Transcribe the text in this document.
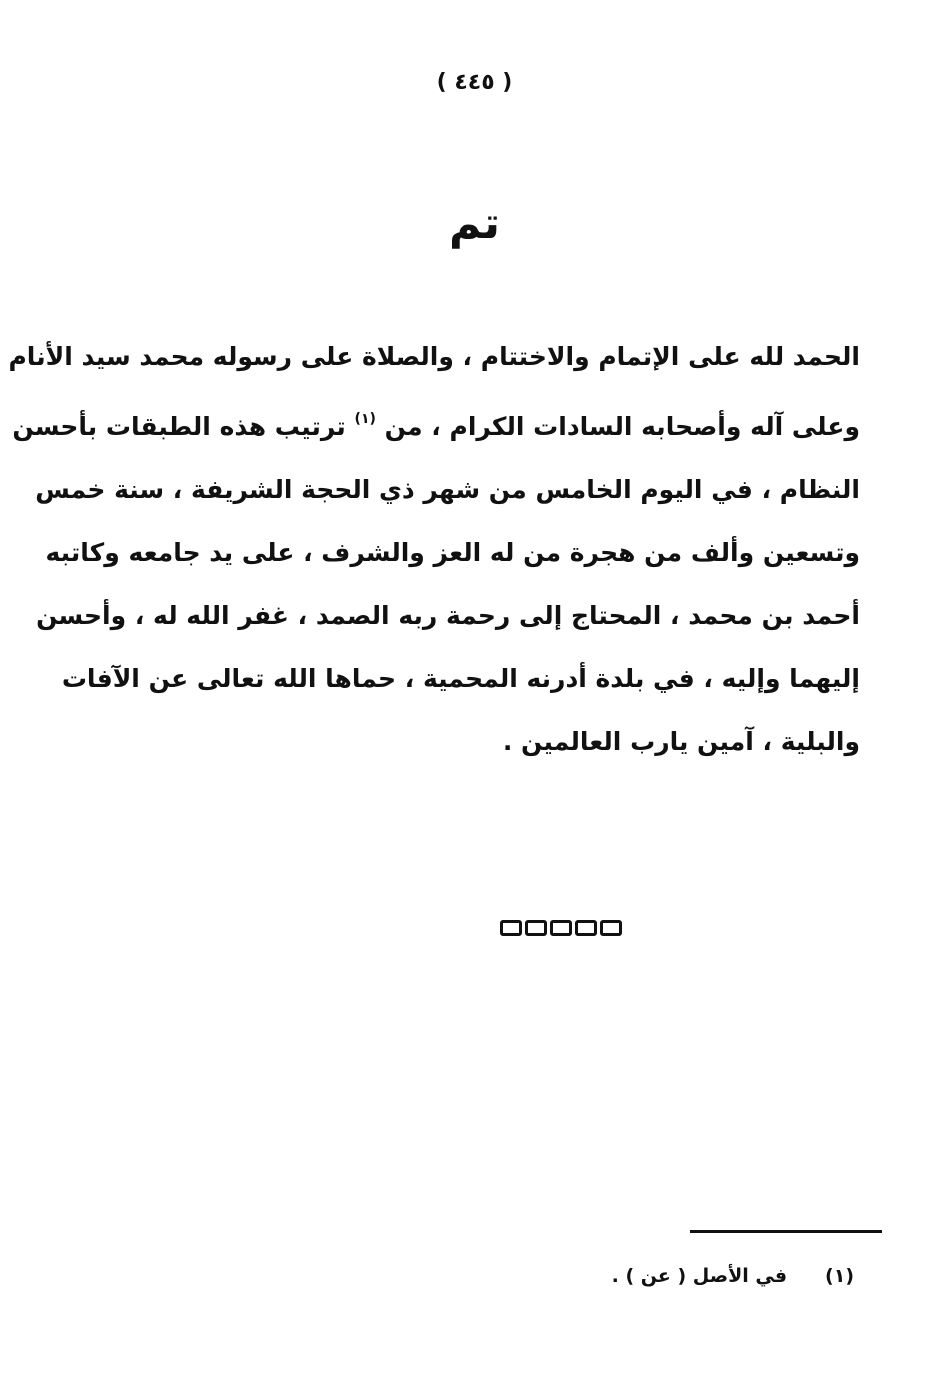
( ٤٤٥ )
تم
الحمد لله على الإتمام والاختتام ، والصلاة على رسوله محمد سيد الأنام
وعلى آله وأصحابه السادات الكرام ، من $^{(١)}$ ترتيب هذه الطبقات بأحسن
النظام ، في اليوم الخامس من شهر ذي الحجة الشريفة ، سنة خمس
وتسعين وألف من هجرة من له العز والشرف ، على يد جامعه وكاتبه
أحمد بن محمد ، المحتاج إلى رحمة ربه الصمد ، غفر الله له ، وأحسن
إليهما وإليه ، في بلدة أدرنه المحمية ، حماها الله تعالى عن الآفات
والبلية ، آمين يارب العالمين .
(١)
في الأصل ( عن ) .
